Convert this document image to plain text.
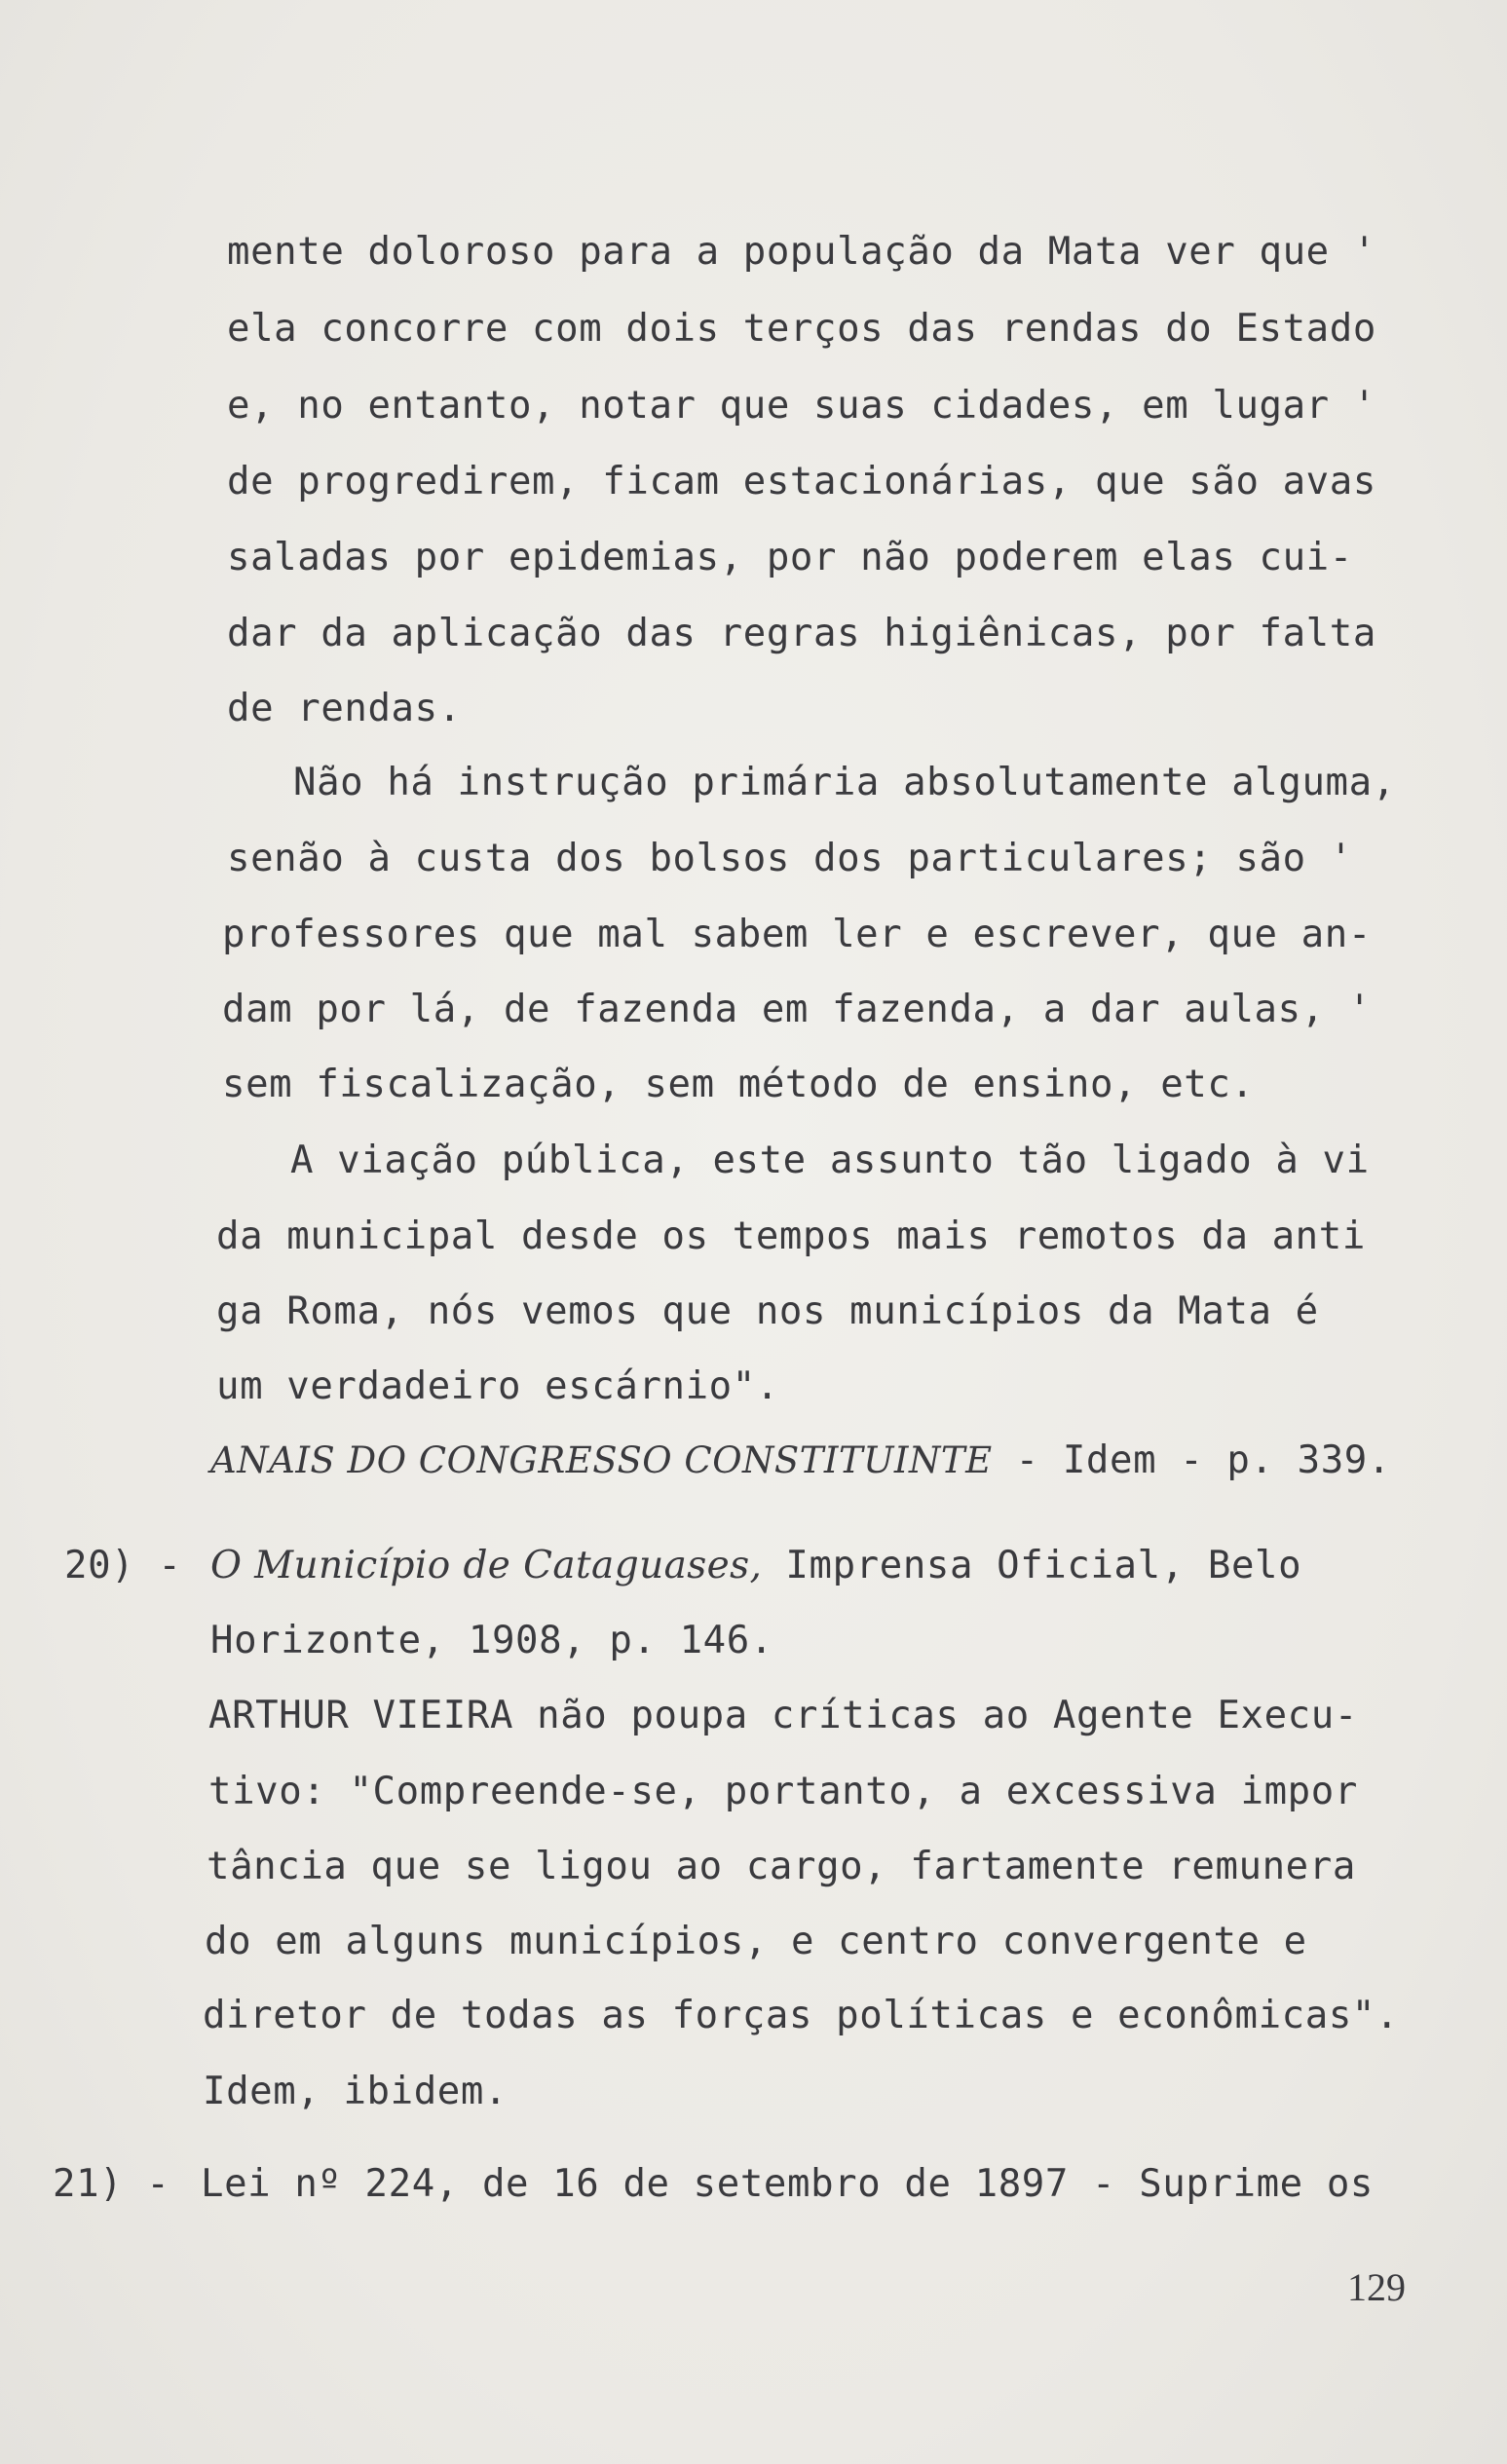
mente doloroso para a população da Mata ver que '
ela concorre com dois terços das rendas do Estado
e, no entanto, notar que suas cidades, em lugar '
de progredirem, ficam estacionárias, que são avas
saladas por epidemias, por não poderem elas cui-
dar da aplicação das regras higiênicas, por falta
de rendas.
Não há instrução primária absolutamente alguma,
senão à custa dos bolsos dos particulares; são '
professores que mal sabem ler e escrever, que an-
dam por lá, de fazenda em fazenda, a dar aulas, '
sem fiscalização, sem método de ensino, etc.
A viação pública, este assunto tão ligado à vi
da municipal desde os tempos mais remotos da anti
ga Roma, nós vemos que nos municípios da Mata é
um verdadeiro escárnio".
ANAIS DO CONGRESSO CONSTITUINTE - Idem - p. 339.
20) - O Município de Cataguases, Imprensa Oficial, Belo
Horizonte, 1908, p. 146.
ARTHUR VIEIRA não poupa críticas ao Agente Execu-
tivo: "Compreende-se, portanto, a excessiva impor
tância que se ligou ao cargo, fartamente remunera
do em alguns municípios, e centro convergente e
diretor de todas as forças políticas e econômicas".
Idem, ibidem.
21) - Lei nº 224, de 16 de setembro de 1897 - Suprime os
129
